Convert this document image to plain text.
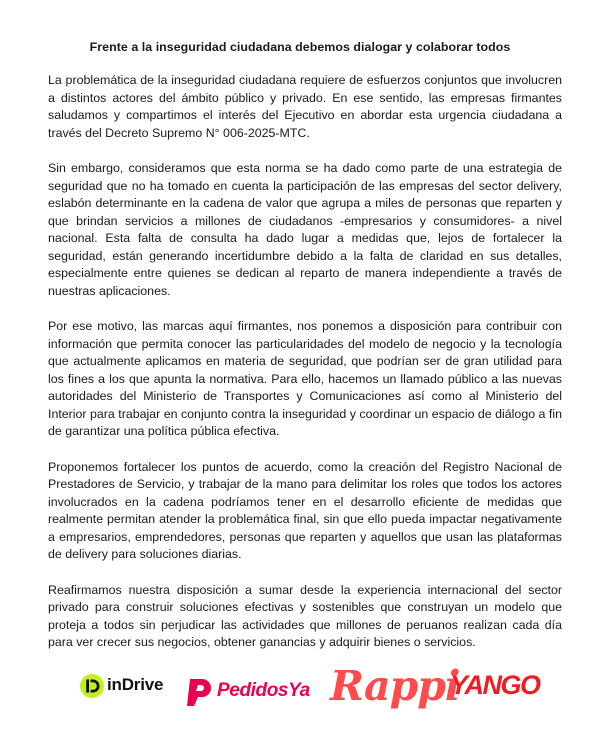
Frente a la inseguridad ciudadana debemos dialogar y colaborar todos

La problemática de la inseguridad ciudadana requiere de esfuerzos conjuntos que involucren a distintos actores del ámbito público y privado. En ese sentido, las empresas firmantes saludamos y compartimos el interés del Ejecutivo en abordar esta urgencia ciudadana a través del Decreto Supremo N° 006-2025-MTC.

Sin embargo, consideramos que esta norma se ha dado como parte de una estrategia de seguridad que no ha tomado en cuenta la participación de las empresas del sector delivery, eslabón determinante en la cadena de valor que agrupa a miles de personas que reparten y que brindan servicios a millones de ciudadanos -empresarios y consumidores- a nivel nacional. Esta falta de consulta ha dado lugar a medidas que, lejos de fortalecer la seguridad, están generando incertidumbre debido a la falta de claridad en sus detalles, especialmente entre quienes se dedican al reparto de manera independiente a través de nuestras aplicaciones.

Por ese motivo, las marcas aquí firmantes, nos ponemos a disposición para contribuir con información que permita conocer las particularidades del modelo de negocio y la tecnología que actualmente aplicamos en materia de seguridad, que podrían ser de gran utilidad para los fines a los que apunta la normativa. Para ello, hacemos un llamado público a las nuevas autoridades del Ministerio de Transportes y Comunicaciones así como al Ministerio del Interior para trabajar en conjunto contra la inseguridad y coordinar un espacio de diálogo a fin de garantizar una política pública efectiva.

Proponemos fortalecer los puntos de acuerdo, como la creación del Registro Nacional de Prestadores de Servicio, y trabajar de la mano para delimitar los roles que todos los actores involucrados en la cadena podríamos tener en el desarrollo eficiente de medidas que realmente permitan atender la problemática final, sin que ello pueda impactar negativamente a empresarios, emprendedores, personas que reparten y aquellos que usan las plataformas de delivery para soluciones diarias.

Reafirmamos nuestra disposición a sumar desde la experiencia internacional del sector privado para construir soluciones efectivas y sostenibles que construyan un modelo que proteja a todos sin perjudicar las actividades que millones de peruanos realizan cada día para ver crecer sus negocios, obtener ganancias y adquirir bienes o servicios.

inDrive	PedidosYa Rappi
YANGO
